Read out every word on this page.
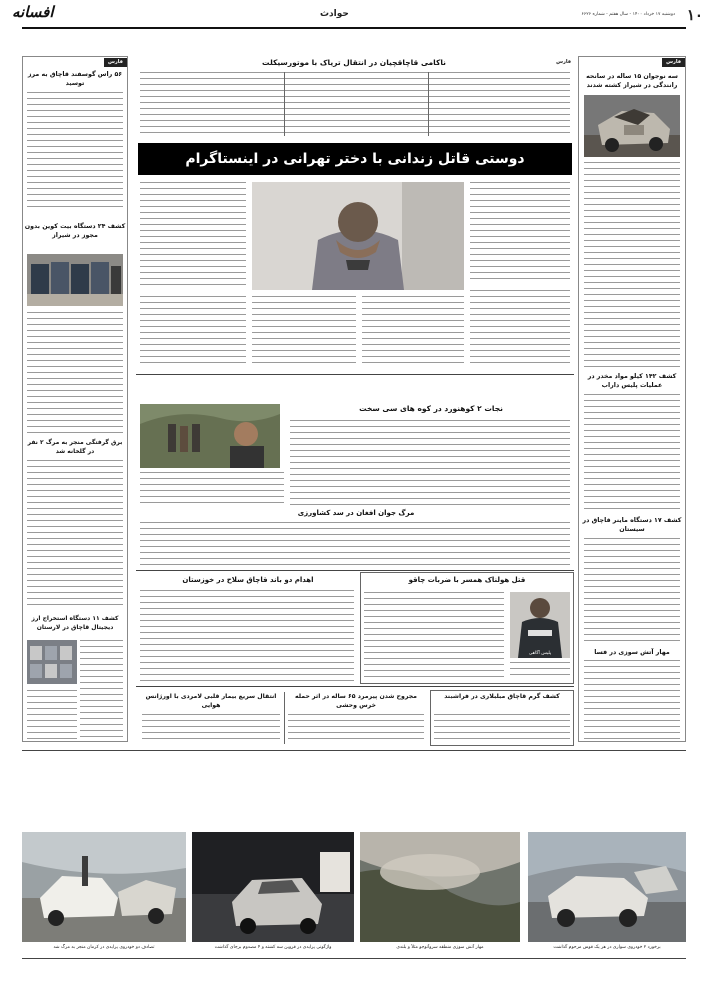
۱۰
دوشنبه ۱۷ خرداد ۱۴۰۰ - سال هفتم - شماره ۶۶۲۶
حوادث
افسانه
فارس
سه نوجوان ۱۵ ساله در سانحه رانندگی در شیراز کشته شدند
کشف ۱۴۲ کیلو مواد مخدر در عملیات پلیس داراب
کشف ۱۷ دستگاه ماینر قاچاق در سیستان
مهار آتش سوزی در فسا
فارس
۵۶ راس گوسفند قاچاق به مرز توسید
کشف ۲۴ دستگاه بیت کوین بدون مجوز در شیراز
برق گرفتگی منجر به مرگ ۲ نفر در گلخانه شد
کشف ۱۱ دستگاه استخراج ارز دیجیتال قاچاق در لارستان
فارس
ناکامی قاچاقچیان در انتقال تریاک با موتورسیکلت
دوستی قاتل زندانی با دختر تهرانی در اینستاگرام
نجات ۲ کوهنورد در کوه های سی سخت
مرگ جوان افغان در سد کشاورزی
قتل هولناک همسر با ضربات چاقو
پلیس آگاهی
اهدام دو باند قاچاق سلاح در خوزستان
کشف گرم قاچاق مبلبلاری در فراشبند
مجروح شدن پیرمرد ۶۵ ساله در اثر حمله خرس وحشی
انتقال سریع بیمار قلبی لامردی با اورژانس هوایی
برخورد ۲ خودروی سواری در هر یک قوس مرحوم گذاشت
مهار آتش سوزی منطقه سروآتوجو مثلاً و بلندی
واژگونی پرایدی در قزوین سه کشته و ۴ مصدوم برجای گذاشت
تصادف دو خودروی پرایدی در کرمان منجر به مرگ شد
